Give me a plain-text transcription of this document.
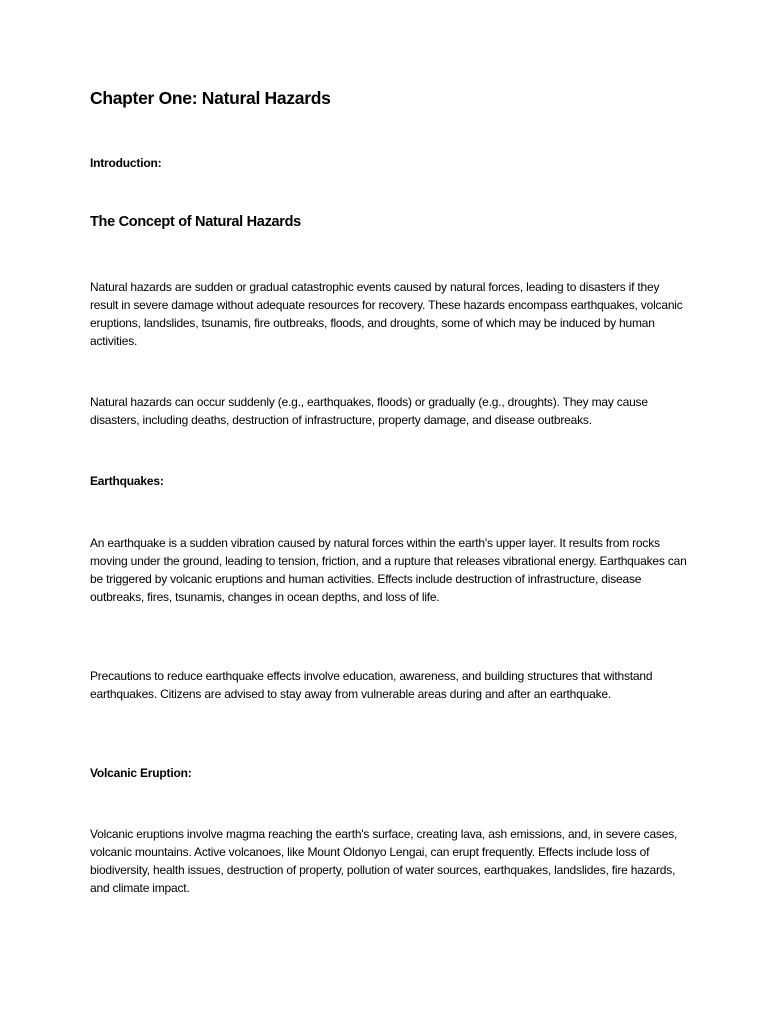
Chapter One: Natural Hazards
Introduction:
The Concept of Natural Hazards

Natural hazards are sudden or gradual catastrophic events caused by natural forces, leading to disasters if they result in severe damage without adequate resources for recovery. These hazards encompass earthquakes, volcanic eruptions, landslides, tsunamis, fire outbreaks, floods, and droughts, some of which may be induced by human activities.

Natural hazards can occur suddenly (e.g., earthquakes, floods) or gradually (e.g., droughts). They may cause disasters, including deaths, destruction of infrastructure, property damage, and disease outbreaks.

Earthquakes:

An earthquake is a sudden vibration caused by natural forces within the earth's upper layer. It results from rocks moving under the ground, leading to tension, friction, and a rupture that releases vibrational energy. Earthquakes can be triggered by volcanic eruptions and human activities. Effects include destruction of infrastructure, disease outbreaks, fires, tsunamis, changes in ocean depths, and loss of life.

Precautions to reduce earthquake effects involve education, awareness, and building structures that withstand earthquakes. Citizens are advised to stay away from vulnerable areas during and after an earthquake.

Volcanic Eruption:

Volcanic eruptions involve magma reaching the earth's surface, creating lava, ash emissions, and, in severe cases, volcanic mountains. Active volcanoes, like Mount Oldonyo Lengai, can erupt frequently. Effects include loss of biodiversity, health issues, destruction of property, pollution of water sources, earthquakes, landslides, fire hazards, and climate impact.
